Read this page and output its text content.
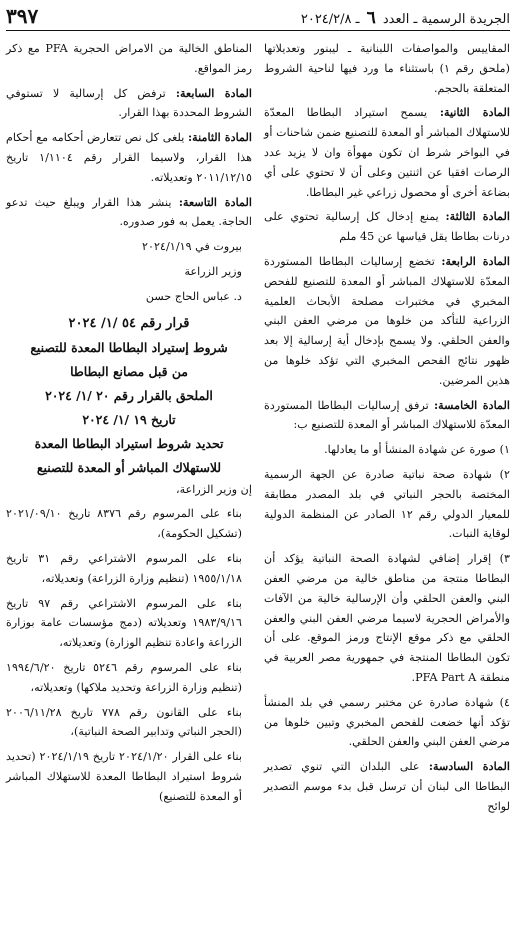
الجريدة الرسمية ـ العدد ٦ ـ ٢٠٢٤/٢/٨
٣٩٧

المقاييس والمواصفات اللبنانية ـ ليبنور وتعديلاتها (ملحق رقم ١) باستثناء ما ورد فيها لناحية الشروط المتعلقة بالحجم.

المادة الثانية: يسمح استيراد البطاطا المعدّة للاستهلاك المباشر أو المعدة للتصنيع ضمن شاحنات أو في البواخر شرط ان تكون مهوأة وان لا يزيد عدد الرصات افقيا عن اثنتين وعلى أن لا تحتوي على أي بضاعة أخرى أو محصول زراعي غير البطاطا.

المادة الثالثة: يمنع إدخال كل إرسالية تحتوي على درنات بطاطا يقل قياسها عن 45 ملم

المادة الرابعة: تخضع إرساليات البطاطا المستوردة المعدّة للاستهلاك المباشر أو المعدة للتصنيع للفحص المخبري في مختبرات مصلحة الأبحاث العلمية الزراعية للتأكد من خلوها من مرضي العفن البني والعفن الحلقي. ولا يسمح بإدخال أية إرسالية إلا بعد ظهور نتائج الفحص المخبري التي تؤكد خلوها من هذين المرضين.

المادة الخامسة: ترفق إرساليات البطاطا المستوردة المعدّة للاستهلاك المباشر أو المعدة للتصنيع ب:

١) صورة عن شهادة المنشأ أو ما يعادلها.

٢) شهادة صحة نباتية صادرة عن الجهة الرسمية المختصة بالحجر النباتي في بلد المصدر مطابقة للمعيار الدولي رقم ١٢ الصادر عن المنظمة الدولية لوقاية النبات.

٣) إقرار إضافي لشهادة الصحة النباتية يؤكد أن البطاطا منتجة من مناطق خالية من مرضي العفن البني والعفن الحلقي وأن الإرسالية خالية من الآفات والأمراض الحجرية لاسيما مرضي العفن البني والعفن الحلقي مع ذكر موقع الإنتاج ورمز الموقع. على أن تكون البطاطا المنتجة في جمهورية مصر العربية في منطقة PFA Part A.

٤) شهادة صادرة عن مختبر رسمي في بلد المنشأ تؤكد أنها خضعت للفحص المخبري وتبين خلوها من مرضي العفن البني والعفن الحلقي.

المادة السادسة: على البلدان التي تنوي تصدير البطاطا الى لبنان أن ترسل قبل بدء موسم التصدير لوائح

المناطق الخالية من الامراض الحجرية PFA مع ذكر رمز المواقع.

المادة السابعة: ترفض كل إرسالية لا تستوفي الشروط المحددة بهذا القرار.

المادة الثامنة: يلغى كل نص تتعارض أحكامه مع أحكام هذا القرار، ولاسيما القرار رقم ١/١١٠٤ تاريخ ٢٠١١/١٢/١٥ وتعديلاته.

المادة التاسعة: ينشر هذا القرار ويبلغ حيث تدعو الحاجة. يعمل به فور صدوره.

بيروت في ٢٠٢٤/١/١٩

وزير الزراعة

د. عباس الحاج حسن

قرار رقم ٥٤ /١/ ٢٠٢٤

شروط إستيراد البطاطا المعدة للتصنيع

من قبل مصانع البطاطا

الملحق بالقرار رقم ٢٠ /١/ ٢٠٢٤

تاريخ ١٩ /١/ ٢٠٢٤

تحديد شروط استيراد البطاطا المعدة

للاستهلاك المباشر أو المعدة للتصنيع

إن وزير الزراعة،

بناء على المرسوم رقم ٨٣٧٦ تاريخ ٢٠٢١/٠٩/١٠ (تشكيل الحكومة)،

بناء على المرسوم الاشتراعي رقم ٣١ تاريخ ١٩٥٥/١/١٨ (تنظيم وزارة الزراعة) وتعديلاته،

بناء على المرسوم الاشتراعي رقم ٩٧ تاريخ ١٩٨٣/٩/١٦ وتعديلاته (دمج مؤسسات عامة بوزارة الزراعة واعادة تنظيم الوزارة) وتعديلاته،

بناء على المرسوم رقم ٥٢٤٦ تاريخ ١٩٩٤/٦/٢٠ (تنظيم وزارة الزراعة وتحديد ملاكها) وتعديلاته،

بناء على القانون رقم ٧٧٨ تاريخ ٢٠٠٦/١١/٢٨ (الحجر النباتي وتدابير الصحة النباتية)،

بناء على القرار ٢٠٢٤/١/٢٠ تاريخ ٢٠٢٤/١/١٩ (تحديد شروط استيراد البطاطا المعدة للاستهلاك المباشر أو المعدة للتصنيع)
